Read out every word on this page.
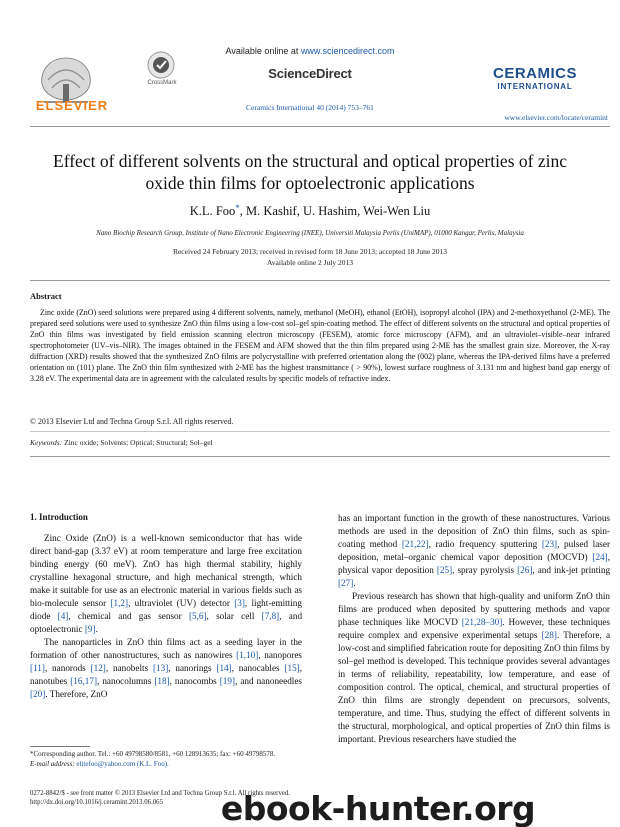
ELSEVIER
CrossMark
Available online at www.sciencedirect.com
ScienceDirect
Ceramics International 40 (2014) 753–761
CERAMICS
INTERNATIONAL
www.elsevier.com/locate/ceramint
Effect of different solvents on the structural and optical properties of zinc
oxide thin films for optoelectronic applications
K.L. Foo*, M. Kashif, U. Hashim, Wei-Wen Liu
Nano Biochip Research Group, Institute of Nano Electronic Engineering (INEE), Universiti Malaysia Perlis (UniMAP), 01000 Kangar, Perlis, Malaysia
Received 24 February 2013; received in revised form 18 June 2013; accepted 18 June 2013
Available online 2 July 2013
Abstract
Zinc oxide (ZnO) seed solutions were prepared using 4 different solvents, namely, methanol (MeOH), ethanol (EtOH), isopropyl alcohol (IPA) and 2-methoxyethanol (2-ME). The prepared seed solutions were used to synthesize ZnO thin films using a low-cost sol–gel spin-coating method. The effect of different solvents on the structural and optical properties of ZnO thin films was investigated by field emission scanning electron microscopy (FESEM), atomic force microscopy (AFM), and an ultraviolet–visible–near infrared spectrophotometer (UV–vis–NIR). The images obtained in the FESEM and AFM showed that the thin film prepared using 2-ME has the smallest grain size. Moreover, the X-ray diffraction (XRD) results showed that the synthesized ZnO films are polycrystalline with preferred orientation along the (002) plane, whereas the IPA-derived films have a preferred orientation on (101) plane. The ZnO thin film synthesized with 2-ME has the highest transmittance ( > 90%), lowest surface roughness of 3.131 nm and highest band gap energy of 3.28 eV. The experimental data are in agreement with the calculated results by specific models of refractive index.
© 2013 Elsevier Ltd and Techna Group S.r.l. All rights reserved.
Keywords: Zinc oxide; Solvents; Optical; Structural; Sol–gel
1. Introduction

Zinc Oxide (ZnO) is a well-known semiconductor that has wide direct band-gap (3.37 eV) at room temperature and large free excitation binding energy (60 meV). ZnO has high thermal stability, highly crystalline hexagonal structure, and high mechanical strength, which make it suitable for use as an electronic material in various fields such as bio-molecule sensor [1,2], ultraviolet (UV) detector [3], light-emitting diode [4], chemical and gas sensor [5,6], solar cell [7,8], and optoelectronic [9].

The nanoparticles in ZnO thin films act as a seeding layer in the formation of other nanostructures, such as nanowires [1,10], nanopores [11], nanorods [12], nanobelts [13], nanorings [14], nanocables [15], nanotubes [16,17], nanocolumns [18], nanocombs [19], and nanoneedles [20]. Therefore, ZnO

has an important function in the growth of these nanostructures. Various methods are used in the deposition of ZnO thin films, such as spin-coating method [21,22], radio frequency sputtering [23], pulsed laser deposition, metal–organic chemical vapor deposition (MOCVD) [24], physical vapor deposition [25], spray pyrolysis [26], and ink-jet printing [27].

Previous research has shown that high-quality and uniform ZnO thin films are produced when deposited by sputtering methods and vapor phase techniques like MOCVD [21,28–30]. However, these techniques require complex and expensive experimental setups [28]. Therefore, a low-cost and simplified fabrication route for depositing ZnO thin films by sol–gel method is developed. This technique provides several advantages in terms of reliability, repeatability, low temperature, and ease of composition control. The optical, chemical, and structural properties of ZnO thin films are strongly dependent on precursors, solvents, temperature, and time. Thus, studying the effect of different solvents in the structural, morphological, and optical properties of ZnO thin films is important. Previous researchers have studied the

*Corresponding author. Tel.: +60 49798580/8581, +60 128913635; fax: +60 49798578.
E-mail address: elitefoo@yahoo.com (K.L. Foo).
0272-8842/$ - see front matter © 2013 Elsevier Ltd and Techna Group S.r.l. All rights reserved.
http://dx.doi.org/10.1016/j.ceramint.2013.06.065	ebook-hunter.org
